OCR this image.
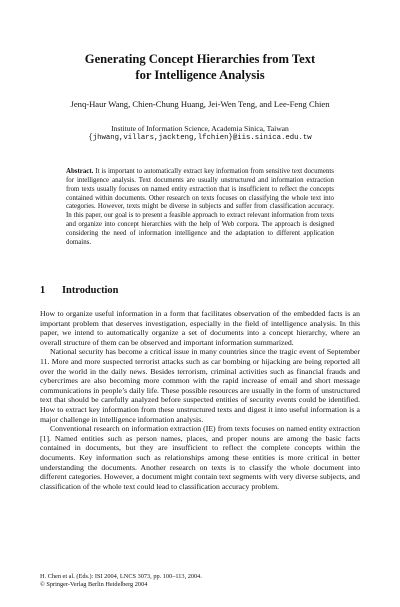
Generating Concept Hierarchies from Text
for Intelligence Analysis
Jenq-Haur Wang, Chien-Chung Huang, Jei-Wen Teng, and Lee-Feng Chien
Institute of Information Science, Academia Sinica, Taiwan
{jhwang,villars,jackteng,lfchien}@iis.sinica.edu.tw
Abstract. It is important to automatically extract key information from sensitive text documents for intelligence analysis. Text documents are usually unstructured and information extraction from texts usually focuses on named entity extraction that is insufficient to reflect the concepts contained within documents. Other research on texts focuses on classifying the whole text into categories. However, texts might be diverse in subjects and suffer from classification accuracy. In this paper, our goal is to present a feasible approach to extract relevant information from texts and organize into concept hierarchies with the help of Web corpora. The approach is designed considering the need of information intelligence and the adaptation to different application domains.
1 Introduction

How to organize useful information in a form that facilitates observation of the embedded facts is an important problem that deserves investigation, especially in the field of intelligence analysis. In this paper, we intend to automatically organize a set of documents into a concept hierarchy, where an overall structure of them can be observed and important information summarized.

National security has become a critical issue in many countries since the tragic event of September 11. More and more suspected terrorist attacks such as car bombing or hijacking are being reported all over the world in the daily news. Besides terrorism, criminal activities such as financial frauds and cybercrimes are also becoming more common with the rapid increase of email and short message communications in people’s daily life. These possible resources are usually in the form of unstructured text that should be carefully analyzed before suspected entities of security events could be identified. How to extract key information from these unstructured texts and digest it into useful information is a major challenge in intelligence information analysis.

Conventional research on information extraction (IE) from texts focuses on named entity extraction [1]. Named entities such as person names, places, and proper nouns are among the basic facts contained in documents, but they are insufficient to reflect the complete concepts within the documents. Key information such as relationships among these entities is more critical in better understanding the documents. Another research on texts is to classify the whole document into different categories. However, a document might contain text segments with very diverse subjects, and classification of the whole text could lead to classification accuracy problem.

H. Chen et al. (Eds.): ISI 2004, LNCS 3073, pp. 100–113, 2004.
© Springer-Verlag Berlin Heidelberg 2004
